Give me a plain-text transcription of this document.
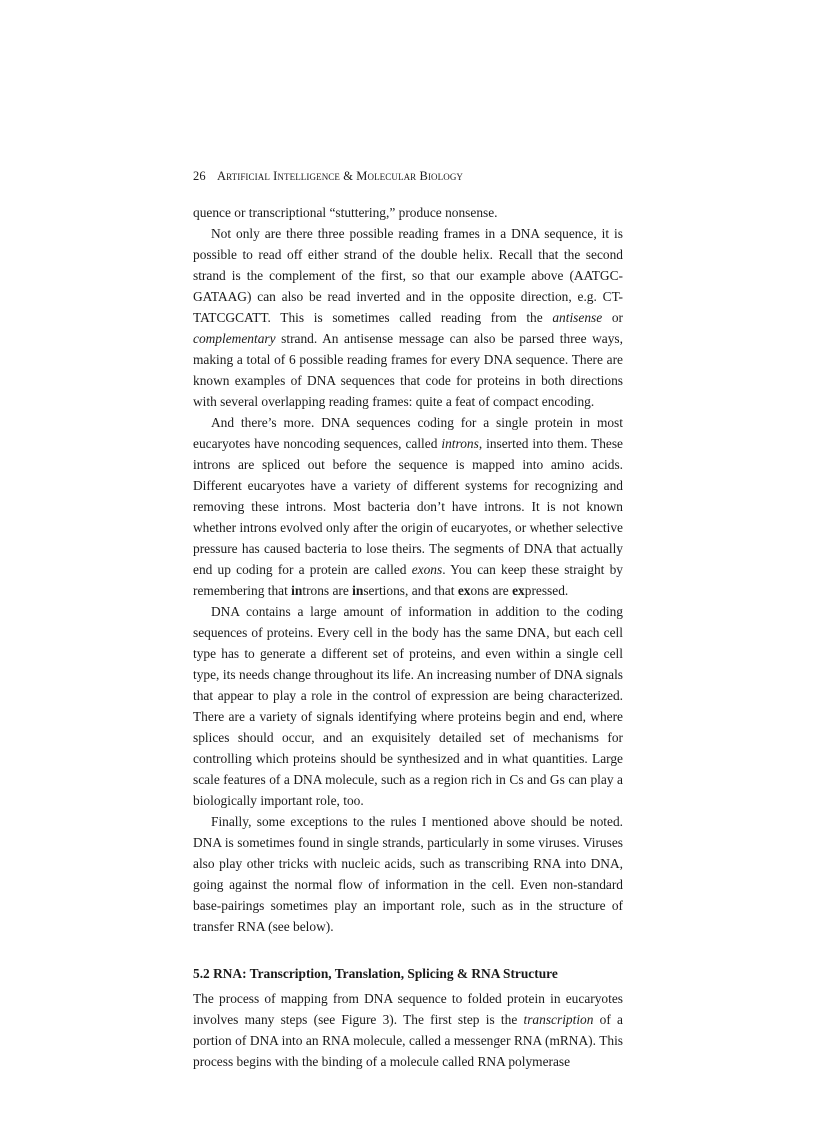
26 Artificial Intelligence & Molecular Biology

quence or transcriptional “stuttering,” produce nonsense.

Not only are there three possible reading frames in a DNA sequence, it is possible to read off either strand of the double helix. Recall that the second strand is the complement of the first, so that our example above (AATGC-GATAAG) can also be read inverted and in the opposite direction, e.g. CT-TATCGCATT. This is sometimes called reading from the antisense or complementary strand. An antisense message can also be parsed three ways, making a total of 6 possible reading frames for every DNA sequence. There are known examples of DNA sequences that code for proteins in both directions with several overlapping reading frames: quite a feat of compact encoding.

And there’s more. DNA sequences coding for a single protein in most eucaryotes have noncoding sequences, called introns, inserted into them. These introns are spliced out before the sequence is mapped into amino acids. Different eucaryotes have a variety of different systems for recognizing and removing these introns. Most bacteria don’t have introns. It is not known whether introns evolved only after the origin of eucaryotes, or whether selective pressure has caused bacteria to lose theirs. The segments of DNA that actually end up coding for a protein are called exons. You can keep these straight by remembering that introns are insertions, and that exons are expressed.

DNA contains a large amount of information in addition to the coding sequences of proteins. Every cell in the body has the same DNA, but each cell type has to generate a different set of proteins, and even within a single cell type, its needs change throughout its life. An increasing number of DNA signals that appear to play a role in the control of expression are being characterized. There are a variety of signals identifying where proteins begin and end, where splices should occur, and an exquisitely detailed set of mechanisms for controlling which proteins should be synthesized and in what quantities. Large scale features of a DNA molecule, such as a region rich in Cs and Gs can play a biologically important role, too.

Finally, some exceptions to the rules I mentioned above should be noted. DNA is sometimes found in single strands, particularly in some viruses. Viruses also play other tricks with nucleic acids, such as transcribing RNA into DNA, going against the normal flow of information in the cell. Even non-standard base-pairings sometimes play an important role, such as in the structure of transfer RNA (see below).

5.2 RNA: Transcription, Translation, Splicing & RNA Structure

The process of mapping from DNA sequence to folded protein in eucaryotes involves many steps (see Figure 3). The first step is the transcription of a portion of DNA into an RNA molecule, called a messenger RNA (mRNA). This process begins with the binding of a molecule called RNA polymerase
